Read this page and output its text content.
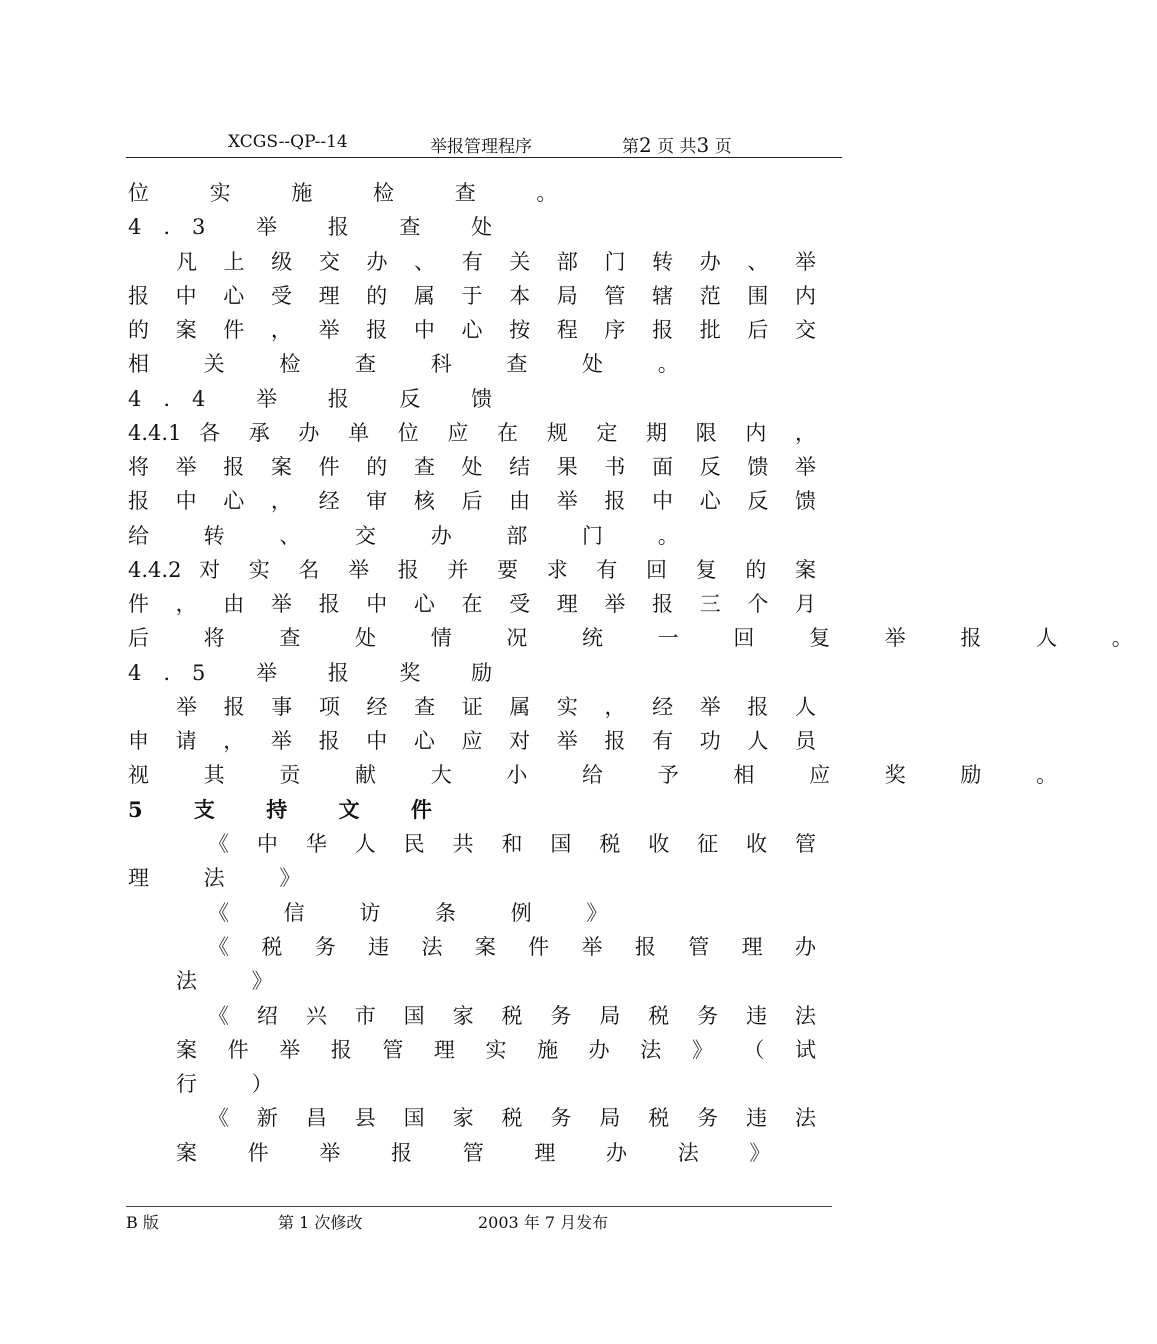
XCGS--QP--14	举报管理程序	第2 页 共3 页
位 实 施 检 查 。
4.3 举 报 查 处
凡 上 级 交 办 、 有 关 部 门 转 办 、 举
报 中 心 受 理 的 属 于 本 局 管 辖 范 围 内
的 案 件 ， 举 报 中 心 按 程 序 报 批 后 交
相 关 检 查 科 查 处 。
4.4 举 报 反 馈
4.4.1 各 承 办 单 位 应 在 规 定 期 限 内 ，
将 举 报 案 件 的 查 处 结 果 书 面 反 馈 举
报 中 心 ， 经 审 核 后 由 举 报 中 心 反 馈
给 转 、 交 办 部 门 。
4.4.2 对 实 名 举 报 并 要 求 有 回 复 的 案
件 ， 由 举 报 中 心 在 受 理 举 报 三 个 月
后 将 查 处 情 况 统 一 回 复 举 报 人 。
4.5 举 报 奖 励
举 报 事 项 经 查 证 属 实 ， 经 举 报 人
申 请 ， 举 报 中 心 应 对 举 报 有 功 人 员
视 其 贡 献 大 小 给 予 相 应 奖 励 。
5 支 持 文 件
《 中 华 人 民 共 和 国 税 收 征 收 管
理 法 》
《 信 访 条 例 》
《 税 务 违 法 案 件 举 报 管 理 办
法 》
《 绍 兴 市 国 家 税 务 局 税 务 违 法
案 件 举 报 管 理 实 施 办 法 》 （ 试
行 ）
《 新 昌 县 国 家 税 务 局 税 务 违 法
案 件 举 报 管 理 办 法 》
B 版	第 1 次修改	2003 年 7 月发布
